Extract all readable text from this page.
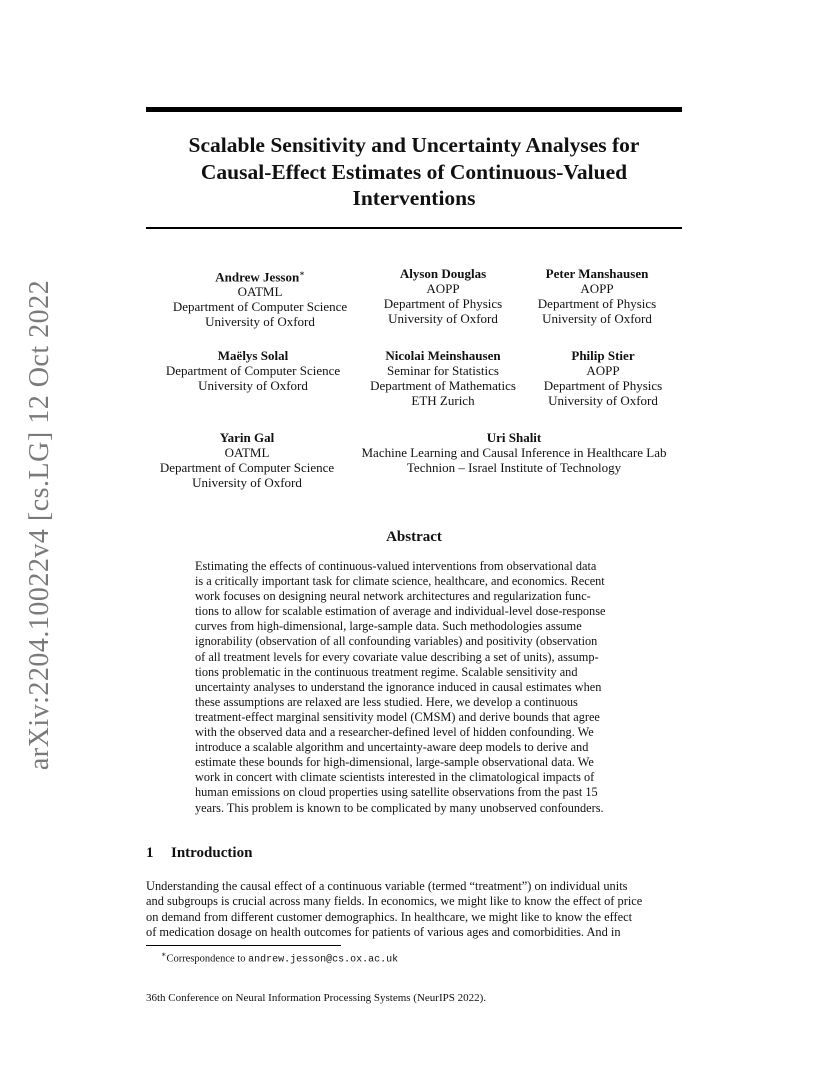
arXiv:2204.10022v4 [cs.LG] 12 Oct 2022
Scalable Sensitivity and Uncertainty Analyses for
Causal-Effect Estimates of Continuous-Valued
Interventions
Andrew Jesson∗
OATML
Department of Computer Science
University of Oxford
Alyson Douglas
AOPP
Department of Physics
University of Oxford
Peter Manshausen
AOPP
Department of Physics
University of Oxford
Maëlys Solal
Department of Computer Science
University of Oxford
Nicolai Meinshausen
Seminar for Statistics
Department of Mathematics
ETH Zurich
Philip Stier
AOPP
Department of Physics
University of Oxford
Yarin Gal
OATML
Department of Computer Science
University of Oxford
Uri Shalit
Machine Learning and Causal Inference in Healthcare Lab
Technion – Israel Institute of Technology
Abstract
Estimating the effects of continuous-valued interventions from observational data
is a critically important task for climate science, healthcare, and economics. Recent
work focuses on designing neural network architectures and regularization func-
tions to allow for scalable estimation of average and individual-level dose-response
curves from high-dimensional, large-sample data. Such methodologies assume
ignorability (observation of all confounding variables) and positivity (observation
of all treatment levels for every covariate value describing a set of units), assump-
tions problematic in the continuous treatment regime. Scalable sensitivity and
uncertainty analyses to understand the ignorance induced in causal estimates when
these assumptions are relaxed are less studied. Here, we develop a continuous
treatment-effect marginal sensitivity model (CMSM) and derive bounds that agree
with the observed data and a researcher-defined level of hidden confounding. We
introduce a scalable algorithm and uncertainty-aware deep models to derive and
estimate these bounds for high-dimensional, large-sample observational data. We
work in concert with climate scientists interested in the climatological impacts of
human emissions on cloud properties using satellite observations from the past 15
years. This problem is known to be complicated by many unobserved confounders.
1 Introduction
Understanding the causal effect of a continuous variable (termed “treatment”) on individual units
and subgroups is crucial across many fields. In economics, we might like to know the effect of price
on demand from different customer demographics. In healthcare, we might like to know the effect
of medication dosage on health outcomes for patients of various ages and comorbidities. And in
∗Correspondence to andrew.jesson@cs.ox.ac.uk
36th Conference on Neural Information Processing Systems (NeurIPS 2022).
